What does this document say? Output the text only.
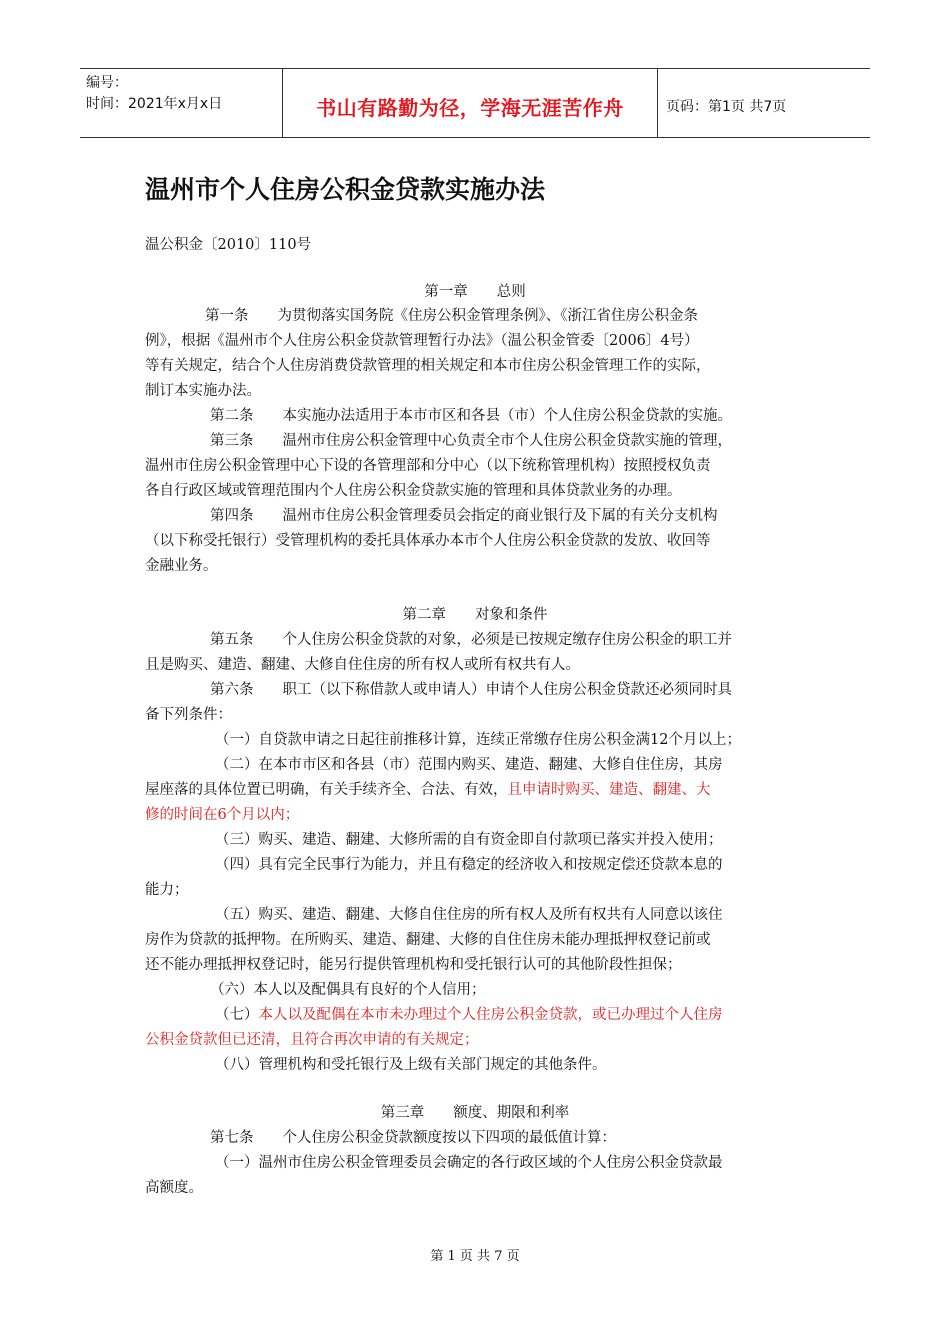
编号：
时间：2021年x月x日	书山有路勤为径，学海无涯苦作舟	页码：第1页 共7页
温州市个人住房公积金贷款实施办法
温公积金〔2010〕110号
第一章　　总则
第一条　　为贯彻落实国务院《住房公积金管理条例》、《浙江省住房公积金条
例》，根据《温州市个人住房公积金贷款管理暂行办法》（温公积金管委〔2006〕4号）
等有关规定，结合个人住房消费贷款管理的相关规定和本市住房公积金管理工作的实际，
制订本实施办法。
第二条　　本实施办法适用于本市市区和各县（市）个人住房公积金贷款的实施。
第三条　　温州市住房公积金管理中心负责全市个人住房公积金贷款实施的管理，
温州市住房公积金管理中心下设的各管理部和分中心（以下统称管理机构）按照授权负责
各自行政区域或管理范围内个人住房公积金贷款实施的管理和具体贷款业务的办理。
第四条　　温州市住房公积金管理委员会指定的商业银行及下属的有关分支机构
（以下称受托银行）受管理机构的委托具体承办本市个人住房公积金贷款的发放、收回等
金融业务。
第二章　　对象和条件
第五条　　个人住房公积金贷款的对象，必须是已按规定缴存住房公积金的职工并
且是购买、建造、翻建、大修自住住房的所有权人或所有权共有人。
第六条　　职工（以下称借款人或申请人）申请个人住房公积金贷款还必须同时具
备下列条件：
（一）自贷款申请之日起往前推移计算，连续正常缴存住房公积金满12个月以上；
（二）在本市市区和各县（市）范围内购买、建造、翻建、大修自住住房，其房
屋座落的具体位置已明确，有关手续齐全、合法、有效，且申请时购买、建造、翻建、大
修的时间在6个月以内；
（三）购买、建造、翻建、大修所需的自有资金即自付款项已落实并投入使用；
（四）具有完全民事行为能力，并且有稳定的经济收入和按规定偿还贷款本息的
能力；
（五）购买、建造、翻建、大修自住住房的所有权人及所有权共有人同意以该住
房作为贷款的抵押物。在所购买、建造、翻建、大修的自住住房未能办理抵押权登记前或
还不能办理抵押权登记时，能另行提供管理机构和受托银行认可的其他阶段性担保；
（六）本人以及配偶具有良好的个人信用；
（七）本人以及配偶在本市未办理过个人住房公积金贷款，或已办理过个人住房
公积金贷款但已还清，且符合再次申请的有关规定；
（八）管理机构和受托银行及上级有关部门规定的其他条件。
第三章　　额度、期限和利率
第七条　　个人住房公积金贷款额度按以下四项的最低值计算：
（一）温州市住房公积金管理委员会确定的各行政区域的个人住房公积金贷款最
高额度。
第 1 页 共 7 页
